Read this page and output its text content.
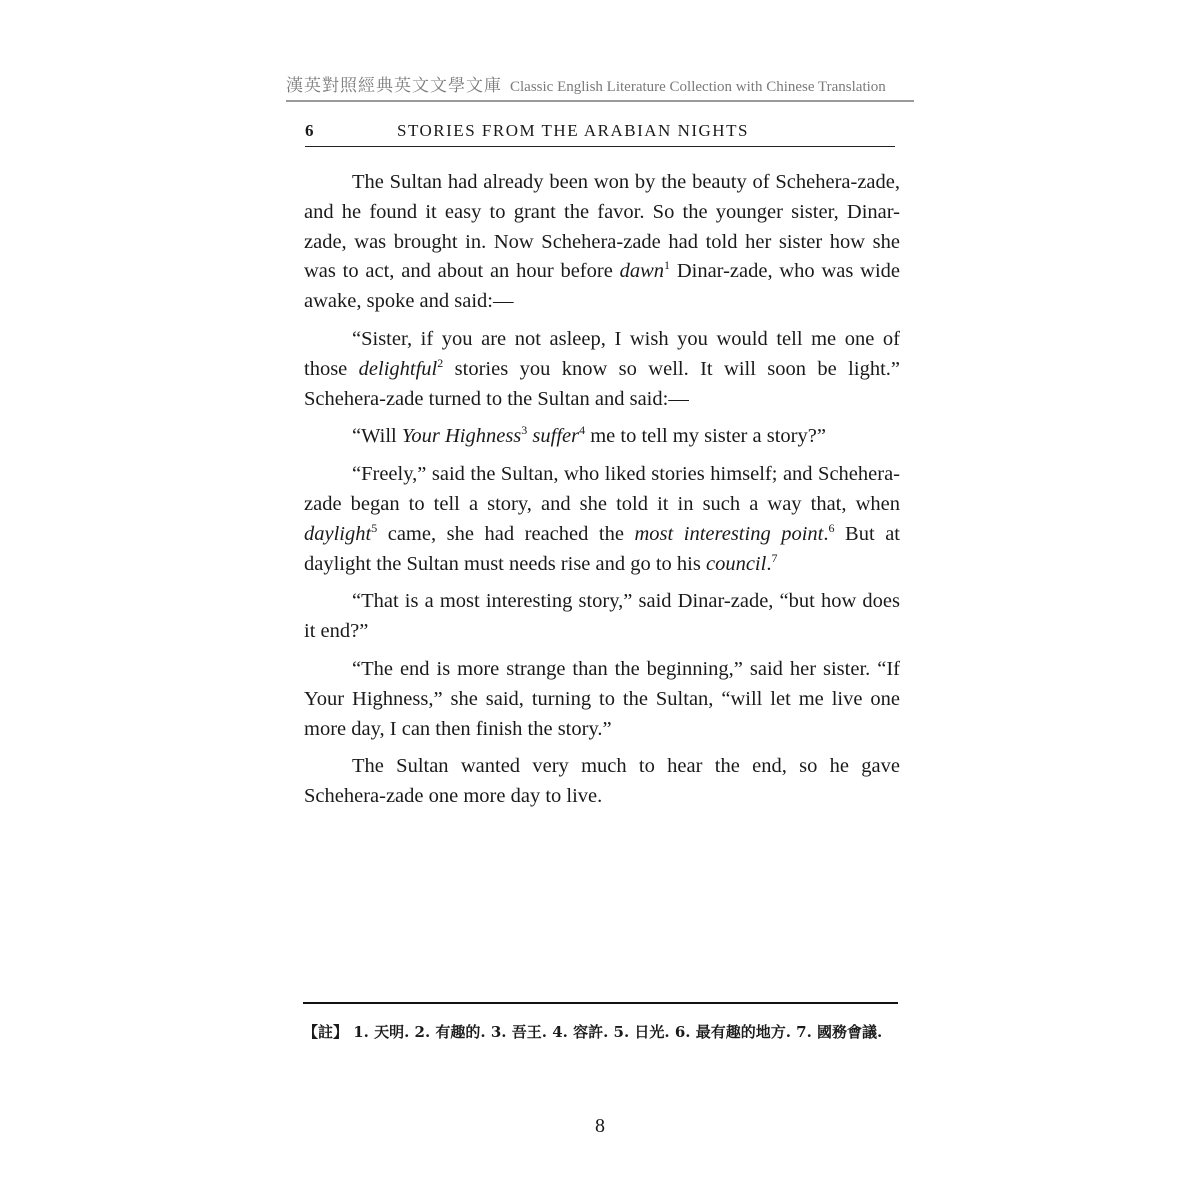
漢英對照經典英文文學文庫 Classic English Literature Collection with Chinese Translation
6	STORIES FROM THE ARABIAN NIGHTS

The Sultan had already been won by the beauty of Schehera-zade, and he found it easy to grant the favor. So the younger sister, Dinar-zade, was brought in. Now Schehera-zade had told her sister how she was to act, and about an hour before dawn$^1$ Dinar-zade, who was wide awake, spoke and said:—

“Sister, if you are not asleep, I wish you would tell me one of those delightful$^2$ stories you know so well. It will soon be light.” Schehera-zade turned to the Sultan and said:—

“Will Your Highness$^3$ suffer$^4$ me to tell my sister a story?”

“Freely,” said the Sultan, who liked stories himself; and Schehera-zade began to tell a story, and she told it in such a way that, when daylight$^5$ came, she had reached the most interesting point.$^6$ But at daylight the Sultan must needs rise and go to his council.$^7$

“That is a most interesting story,” said Dinar-zade, “but how does it end?”

“The end is more strange than the beginning,” said her sister. “If Your Highness,” she said, turning to the Sultan, “will let me live one more day, I can then finish the story.”

The Sultan wanted very much to hear the end, so he gave Schehera-zade one more day to live.

【註】 1. 天明. 2. 有趣的. 3. 吾王. 4. 容許. 5. 日光. 6. 最有趣的地方. 7. 國務會議.
8
